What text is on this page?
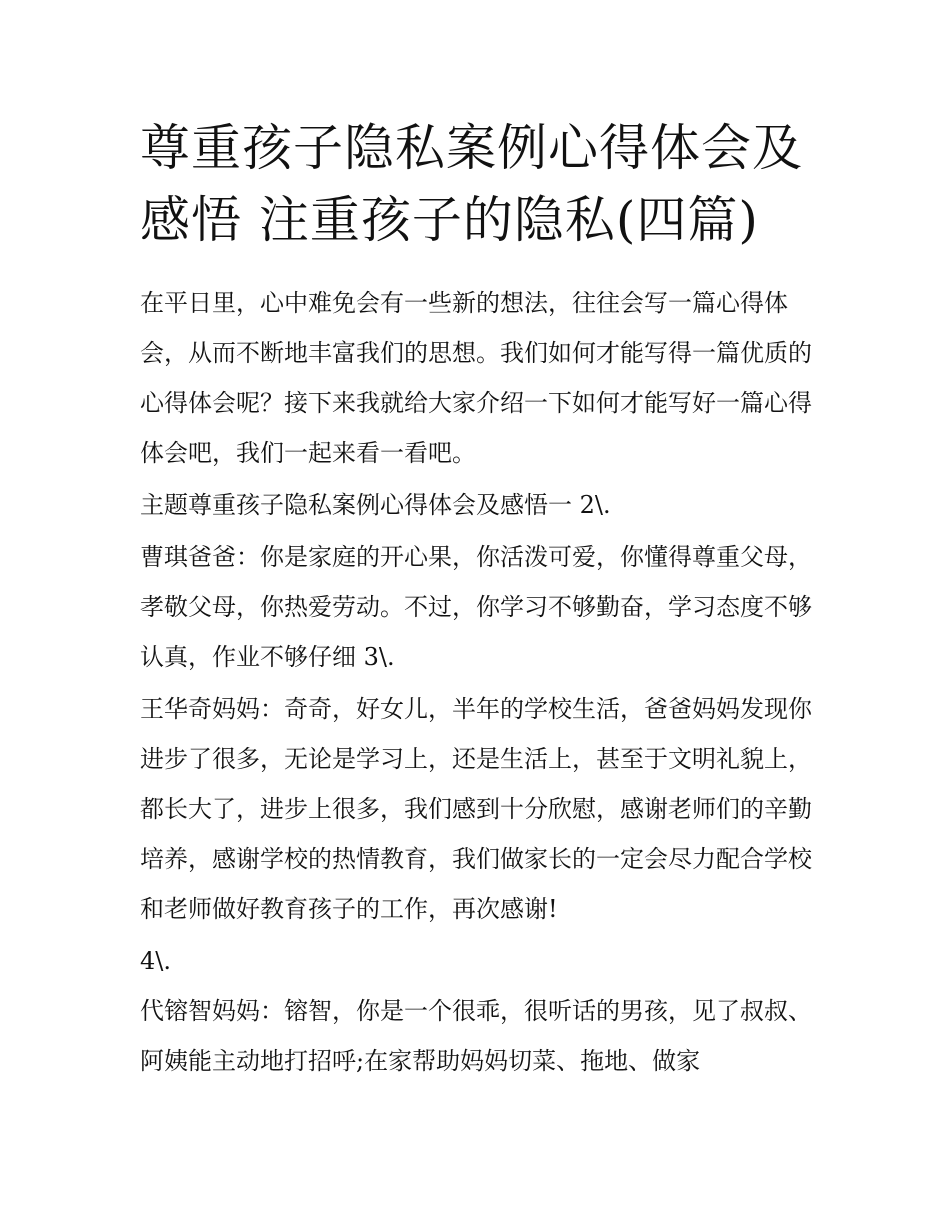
尊重孩子隐私案例心得体会及
感悟 注重孩子的隐私(四篇)

在平日里，心中难免会有一些新的想法，往往会写一篇心得体会，从而不断地丰富我们的思想。我们如何才能写得一篇优质的心得体会呢？接下来我就给大家介绍一下如何才能写好一篇心得体会吧，我们一起来看一看吧。

主题尊重孩子隐私案例心得体会及感悟一 2\.

曹琪爸爸：你是家庭的开心果，你活泼可爱，你懂得尊重父母，孝敬父母，你热爱劳动。不过，你学习不够勤奋，学习态度不够认真，作业不够仔细 3\.

王华奇妈妈：奇奇，好女儿，半年的学校生活，爸爸妈妈发现你进步了很多，无论是学习上，还是生活上，甚至于文明礼貌上，都长大了，进步上很多，我们感到十分欣慰，感谢老师们的辛勤培养，感谢学校的热情教育，我们做家长的一定会尽力配合学校和老师做好教育孩子的工作，再次感谢!

4\.

代镕智妈妈：镕智，你是一个很乖，很听话的男孩，见了叔叔、阿姨能主动地打招呼;在家帮助妈妈切菜、拖地、做家
